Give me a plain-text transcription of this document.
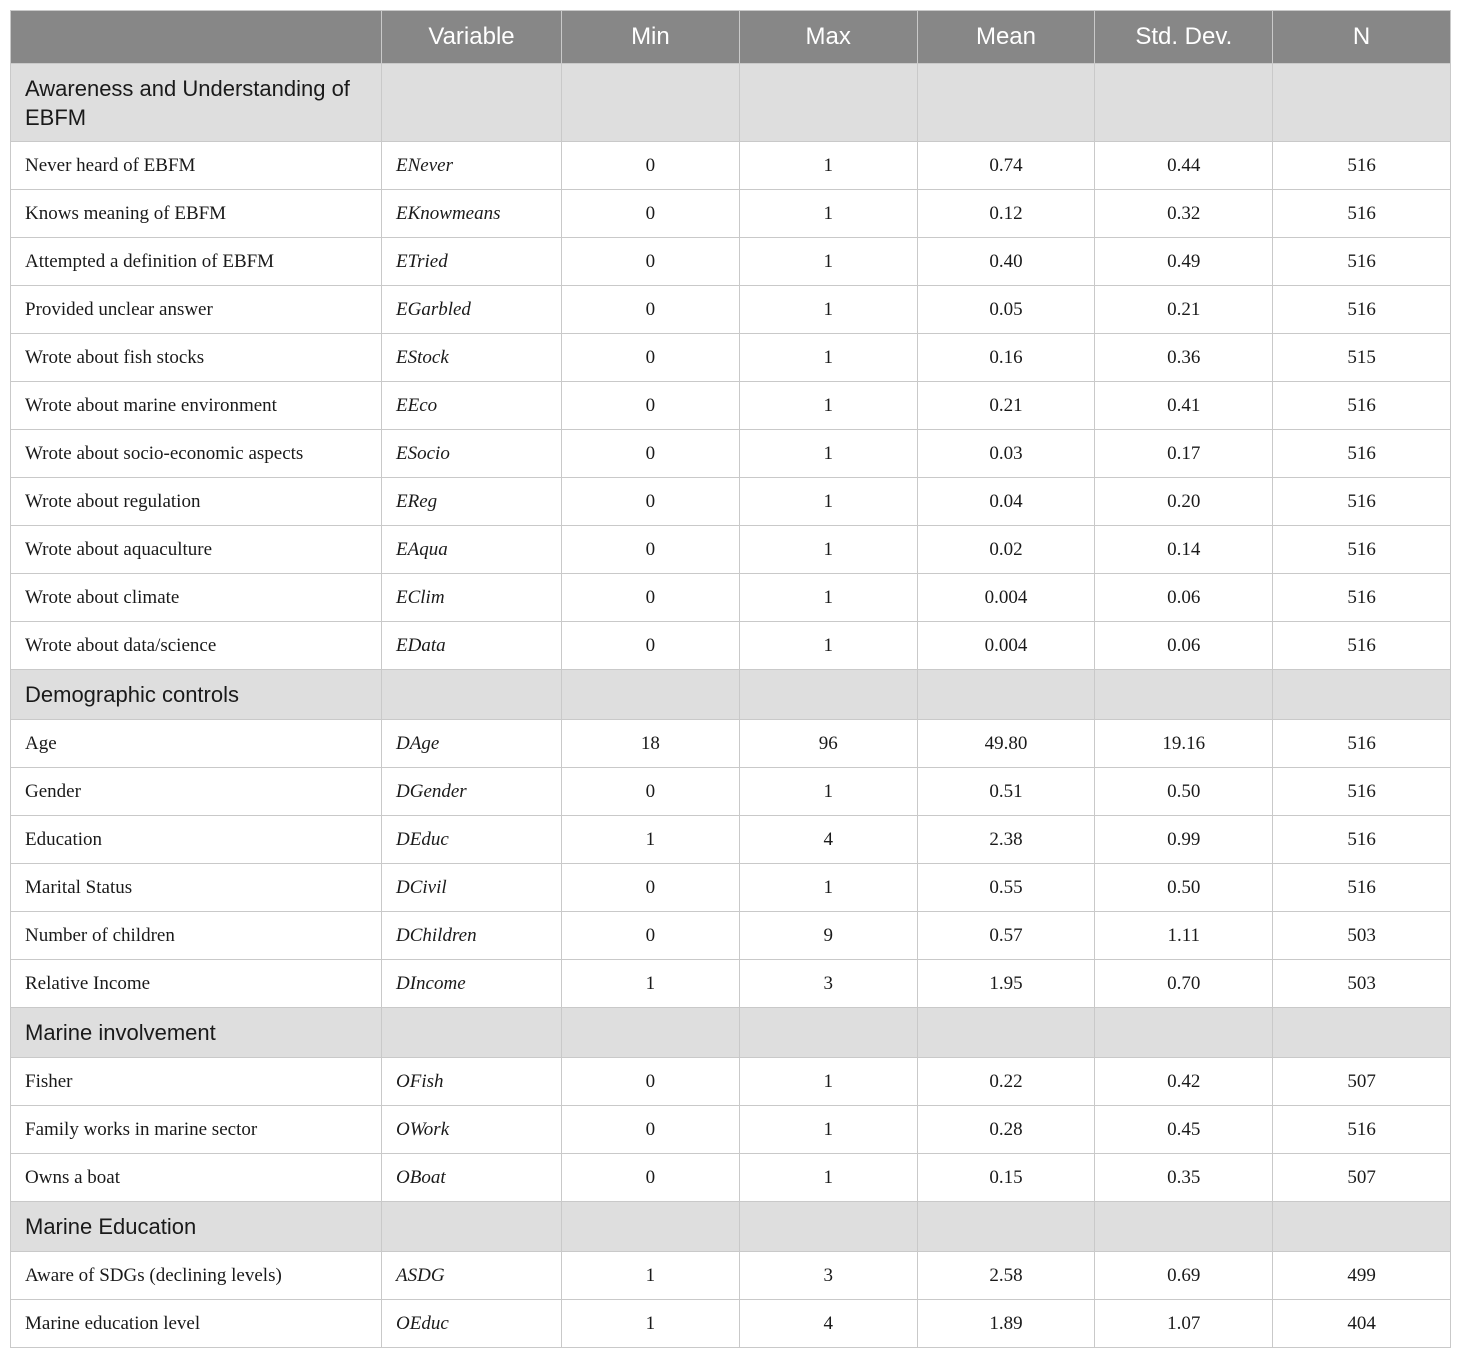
	Variable	Min	Max	Mean	Std. Dev.	N
Awareness and Understanding of EBFM						
Never heard of EBFM	ENever	0	1	0.74	0.44	516
Knows meaning of EBFM	EKnowmeans	0	1	0.12	0.32	516
Attempted a definition of EBFM	ETried	0	1	0.40	0.49	516
Provided unclear answer	EGarbled	0	1	0.05	0.21	516
Wrote about fish stocks	EStock	0	1	0.16	0.36	515
Wrote about marine environment	EEco	0	1	0.21	0.41	516
Wrote about socio-economic aspects	ESocio	0	1	0.03	0.17	516
Wrote about regulation	EReg	0	1	0.04	0.20	516
Wrote about aquaculture	EAqua	0	1	0.02	0.14	516
Wrote about climate	EClim	0	1	0.004	0.06	516
Wrote about data/science	EData	0	1	0.004	0.06	516
Demographic controls						
Age	DAge	18	96	49.80	19.16	516
Gender	DGender	0	1	0.51	0.50	516
Education	DEduc	1	4	2.38	0.99	516
Marital Status	DCivil	0	1	0.55	0.50	516
Number of children	DChildren	0	9	0.57	1.11	503
Relative Income	DIncome	1	3	1.95	0.70	503
Marine involvement						
Fisher	OFish	0	1	0.22	0.42	507
Family works in marine sector	OWork	0	1	0.28	0.45	516
Owns a boat	OBoat	0	1	0.15	0.35	507
Marine Education						
Aware of SDGs (declining levels)	ASDG	1	3	2.58	0.69	499
Marine education level	OEduc	1	4	1.89	1.07	404
